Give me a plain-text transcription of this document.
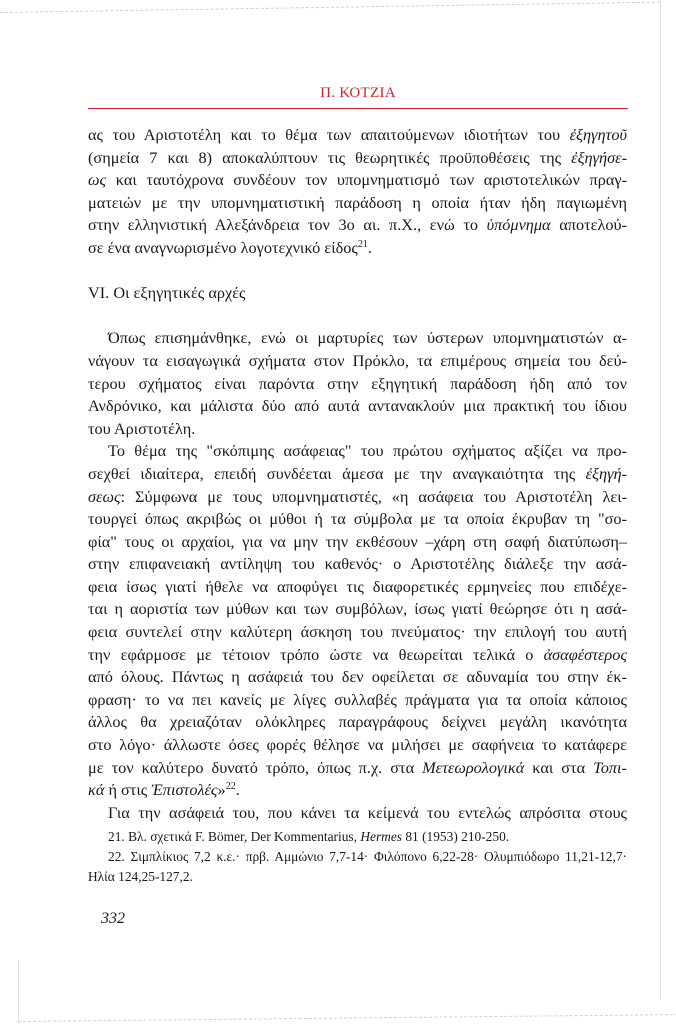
Π. ΚΟΤΖΙΑ
ας του Αριστοτέλη και το θέμα των απαιτούμενων ιδιοτήτων του ἐξηγητοῦ
(σημεία 7 και 8) αποκαλύπτουν τις θεωρητικές προϋποθέσεις της ἐξηγήσε-
ως και ταυτόχρονα συνδέουν τον υπομνηματισμό των αριστοτελικών πραγ-
ματειών με την υπομνηματιστική παράδοση η οποία ήταν ήδη παγιωμένη
στην ελληνιστική Αλεξάνδρεια τον 3ο αι. π.Χ., ενώ το ὑπόμνημα αποτελού-
σε ένα αναγνωρισμένο λογοτεχνικό είδος$^{21}$.
VI. Οι εξηγητικές αρχές
Όπως επισημάνθηκε, ενώ οι μαρτυρίες των ύστερων υπομνηματιστών α-
νάγουν τα εισαγωγικά σχήματα στον Πρόκλο, τα επιμέρους σημεία του δεύ-
τερου σχήματος είναι παρόντα στην εξηγητική παράδοση ήδη από τον
Ανδρόνικο, και μάλιστα δύο από αυτά αντανακλούν μια πρακτική του ίδιου
του Αριστοτέλη.
Το θέμα της "σκόπιμης ασάφειας" του πρώτου σχήματος αξίζει να προ-
σεχθεί ιδιαίτερα, επειδή συνδέεται άμεσα με την αναγκαιότητα της ἐξηγή-
σεως: Σύμφωνα με τους υπομνηματιστές, «η ασάφεια του Αριστοτέλη λει-
τουργεί όπως ακριβώς οι μύθοι ή τα σύμβολα με τα οποία έκρυβαν τη "σο-
φία" τους οι αρχαίοι, για να μην την εκθέσουν –χάρη στη σαφή διατύπωση–
στην επιφανειακή αντίληψη του καθενός· ο Αριστοτέλης διάλεξε την ασά-
φεια ίσως γιατί ήθελε να αποφύγει τις διαφορετικές ερμηνείες που επιδέχε-
ται η αοριστία των μύθων και των συμβόλων, ίσως γιατί θεώρησε ότι η ασά-
φεια συντελεί στην καλύτερη άσκηση του πνεύματος· την επιλογή του αυτή
την εφάρμοσε με τέτοιον τρόπο ώστε να θεωρείται τελικά ο ἀσαφέστερος
από όλους. Πάντως η ασάφειά του δεν οφείλεται σε αδυναμία του στην έκ-
φραση· το να πει κανείς με λίγες συλλαβές πράγματα για τα οποία κάποιος
άλλος θα χρειαζόταν ολόκληρες παραγράφους δείχνει μεγάλη ικανότητα
στο λόγο· άλλωστε όσες φορές θέλησε να μιλήσει με σαφήνεια το κατάφερε
με τον καλύτερο δυνατό τρόπο, όπως π.χ. στα Μετεωρολογικά και στα Τοπι-
κά ή στις Ἐπιστολές»$^{22}$.
Για την ασάφειά του, που κάνει τα κείμενά του εντελώς απρόσιτα στους
21. Βλ. σχετικά F. Bömer, Der Kommentarius, Hermes 81 (1953) 210-250.
22. Σιμπλίκιος 7,2 κ.ε.· πρβ. Αμμώνιο 7,7-14· Φιλόπονο 6,22-28· Ολυμπιόδωρο 11,21-12,7·
Ηλία 124,25-127,2.
332
